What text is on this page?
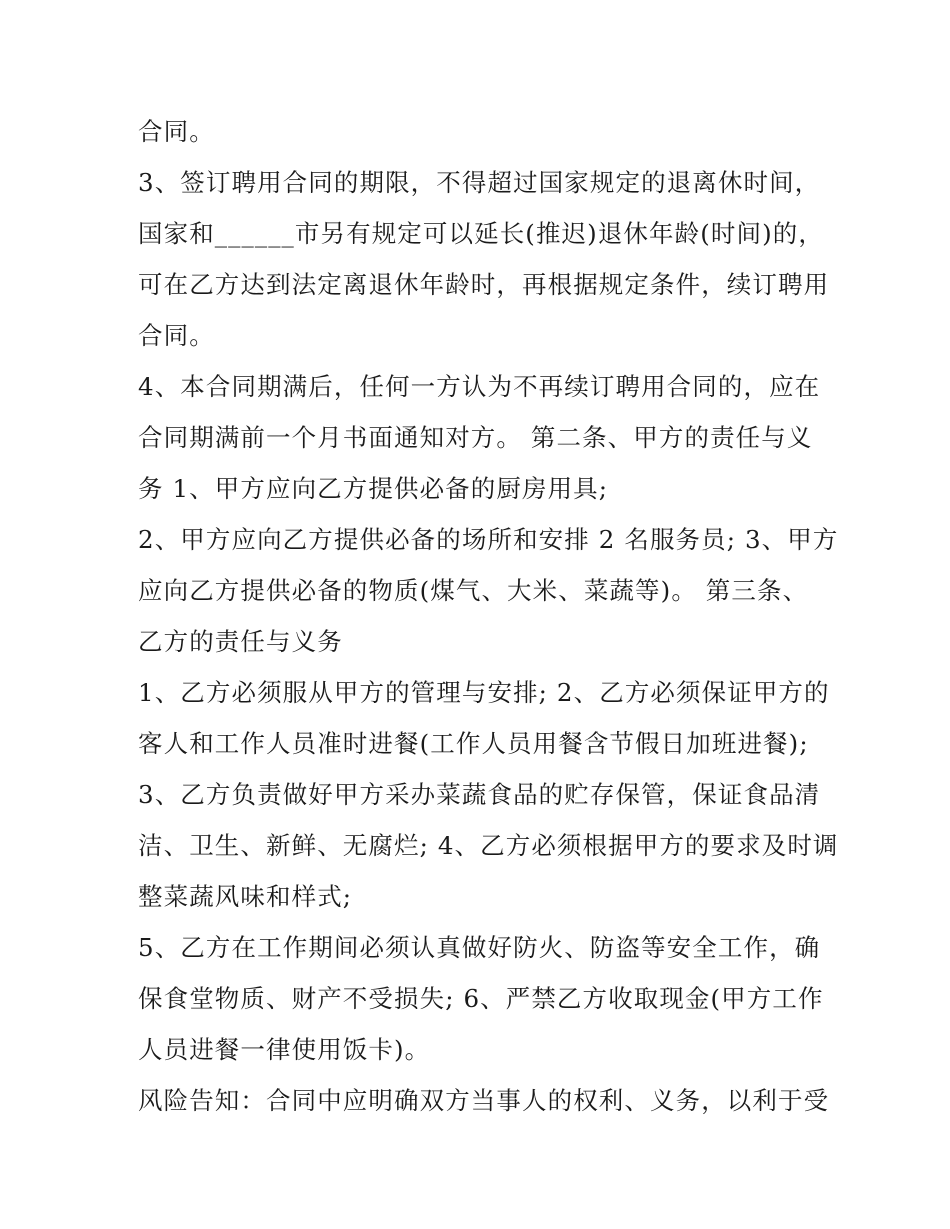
合同。
3、签订聘用合同的期限，不得超过国家规定的退离休时间，
国家和______市另有规定可以延长(推迟)退休年龄(时间)的，
可在乙方达到法定离退休年龄时，再根据规定条件，续订聘用
合同。
4、本合同期满后，任何一方认为不再续订聘用合同的，应在
合同期满前一个月书面通知对方。 第二条、甲方的责任与义
务 1、甲方应向乙方提供必备的厨房用具;
2、甲方应向乙方提供必备的场所和安排 2 名服务员; 3、甲方
应向乙方提供必备的物质(煤气、大米、菜蔬等)。 第三条、
乙方的责任与义务
1、乙方必须服从甲方的管理与安排; 2、乙方必须保证甲方的
客人和工作人员准时进餐(工作人员用餐含节假日加班进餐);
3、乙方负责做好甲方采办菜蔬食品的贮存保管，保证食品清
洁、卫生、新鲜、无腐烂; 4、乙方必须根据甲方的要求及时调
整菜蔬风味和样式;
5、乙方在工作期间必须认真做好防火、防盗等安全工作，确
保食堂物质、财产不受损失; 6、严禁乙方收取现金(甲方工作
人员进餐一律使用饭卡)。
风险告知：合同中应明确双方当事人的权利、义务，以利于受
